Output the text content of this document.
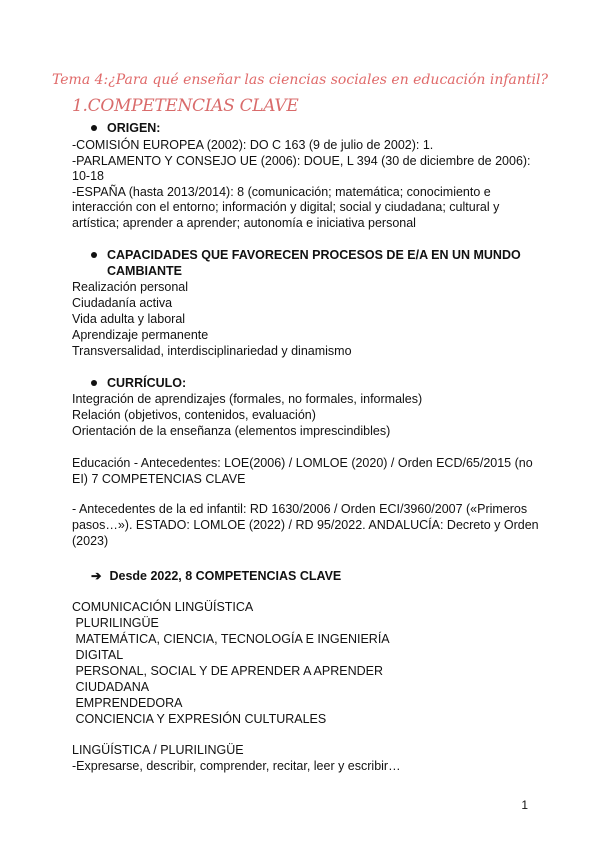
Tema 4:¿Para qué enseñar las ciencias sociales en educación infantil?
1.COMPETENCIAS CLAVE
ORIGEN:
-COMISIÓN EUROPEA (2002): DO C 163 (9 de julio de 2002): 1.
-PARLAMENTO Y CONSEJO UE (2006): DOUE, L 394 (30 de diciembre de 2006):
10-18
-ESPAÑA (hasta 2013/2014): 8 (comunicación; matemática; conocimiento e
interacción con el entorno; información y digital; social y ciudadana; cultural y
artística; aprender a aprender; autonomía e iniciativa personal
CAPACIDADES QUE FAVORECEN PROCESOS DE E/A EN UN MUNDO
CAMBIANTE
Realización personal
Ciudadanía activa
Vida adulta y laboral
Aprendizaje permanente
Transversalidad, interdisciplinariedad y dinamismo
CURRÍCULO:
Integración de aprendizajes (formales, no formales, informales)
Relación (objetivos, contenidos, evaluación)
Orientación de la enseñanza (elementos imprescindibles)
Educación - Antecedentes: LOE(2006) / LOMLOE (2020) / Orden ECD/65/2015 (no
EI) 7 COMPETENCIAS CLAVE
- Antecedentes de la ed infantil: RD 1630/2006 / Orden ECI/3960/2007 («Primeros
pasos…»). ESTADO: LOMLOE (2022) / RD 95/2022. ANDALUCÍA: Decreto y Orden
(2023)
➔ Desde 2022, 8 COMPETENCIAS CLAVE
COMUNICACIÓN LINGÜÍSTICA
PLURILINGÜE
MATEMÁTICA, CIENCIA, TECNOLOGÍA E INGENIERÍA
DIGITAL
PERSONAL, SOCIAL Y DE APRENDER A APRENDER
CIUDADANA
EMPRENDEDORA
CONCIENCIA Y EXPRESIÓN CULTURALES
LINGÜÍSTICA / PLURILINGÜE
-Expresarse, describir, comprender, recitar, leer y escribir…
1
